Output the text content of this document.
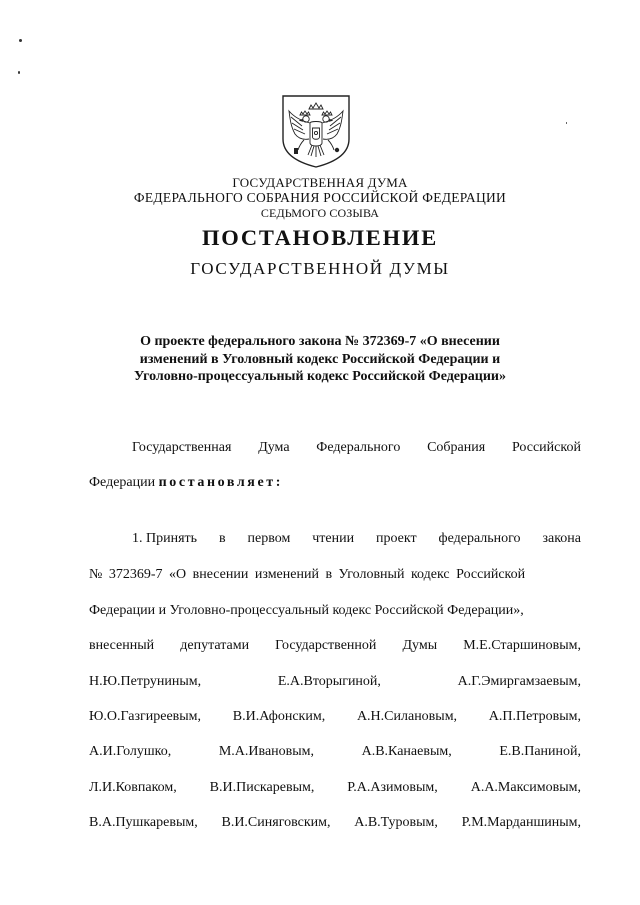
ГОСУДАРСТВЕННАЯ ДУМА
ФЕДЕРАЛЬНОГО СОБРАНИЯ РОССИЙСКОЙ ФЕДЕРАЦИИ
СЕДЬМОГО СОЗЫВА
ПОСТАНОВЛЕНИЕ
ГОСУДАРСТВЕННОЙ ДУМЫ
О проекте федерального закона № 372369-7 «О внесении
изменений в Уголовный кодекс Российской Федерации и
Уголовно-процессуальный кодекс Российской Федерации»
Государственная Дума Федерального Собрания Российской
Федерации постановляет:
1. Принять в первом чтении проект федерального закона
№ 372369-7 «О внесении изменений в Уголовный кодекс Российской
Федерации и Уголовно-процессуальный кодекс Российской Федерации»,
внесенный депутатами Государственной Думы М.Е.Старшиновым,
Н.Ю.Петруниным,	Е.А.Вторыгиной,	А.Г.Эмиргамзаевым,
Ю.О.Газгиреевым, В.И.Афонским, А.Н.Силановым, А.П.Петровым,
А.И.Голушко,	М.А.Ивановым,	А.В.Канаевым,	Е.В.Паниной,
Л.И.Ковпаком, В.И.Пискаревым, Р.А.Азимовым, А.А.Максимовым,
В.А.Пушкаревым, В.И.Синяговским, А.В.Туровым, Р.М.Марданшиным,
